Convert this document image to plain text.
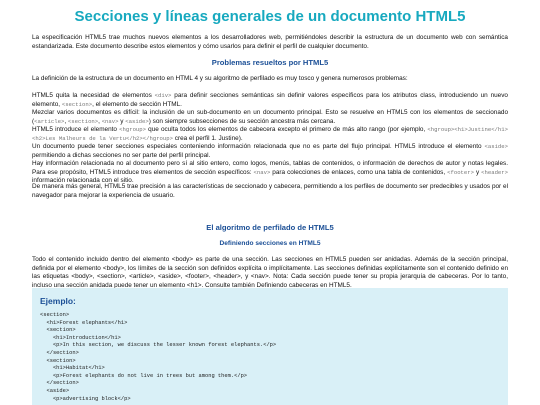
Secciones y líneas generales de un documento HTML5
La especificación HTML5 trae muchos nuevos elementos a los desarrolladores web, permitiéndoles describir la estructura de un documento web con semántica estandarizada. Este documento describe estos elementos y cómo usarlos para definir el perfil de cualquier documento.
Problemas resueltos por HTML5
La definición de la estructura de un documento en HTML 4 y su algoritmo de perfilado es muy tosco y genera numerosos problemas:
HTML5 quita la necesidad de elementos <div> para definir secciones semánticas sin definir valores específicos para los atributos class, introduciendo un nuevo elemento, <section>, el elemento de sección HTML.
Mezclar varios documentos es difícil: la inclusión de un sub-documento en un documento principal. Esto se resuelve en HTML5 con los elementos de seccionado (<article>, <section>, <nav> y <aside>) son siempre subsecciones de su sección ancestra más cercana.
HTML5 introduce el elemento <hgroup> que oculta todos los elementos de cabecera excepto el primero de más alto rango (por ejemplo, <hgroup><h1>Justine</h1><h2>Les Malheurs de la Vertu</h2></hgroup> crea el perfil 1. Justine).
Un documento puede tener secciones especiales conteniendo información relacionada que no es parte del flujo principal. HTML5 introduce el elemento <aside> permitiendo a dichas secciones no ser parte del perfil principal.
Hay información relacionada no al documento pero sí al sitio entero, como logos, menús, tablas de contenidos, o información de derechos de autor y notas legales. Para ese propósito, HTML5 introduce tres elementos de sección específicos: <nav> para colecciones de enlaces, como una tabla de contenidos, <footer> y <header> información relacionada con el sitio.
De manera más general, HTML5 trae precisión a las características de seccionado y cabecera, permitiendo a los perfiles de documento ser predecibles y usados por el navegador para mejorar la experiencia de usuario.
El algoritmo de perfilado de HTML5
Definiendo secciones en HTML5
Todo el contenido incluido dentro del elemento <body> es parte de una sección. Las secciones en HTML5 pueden ser anidadas. Además de la sección principal, definida por el elemento <body>, los límites de la sección son definidos explícita o implícitamente. Las secciones definidas explícitamente son el contenido definido en las etiquetas <body>, <section>, <article>, <aside>, <footer>, <header>, y <nav>. Nota: Cada sección puede tener su propia jerarquía de cabeceras. Por lo tanto, incluso una sección anidada puede tener un elemento <h1>. Consulte también Definiendo cabeceras en HTML5.
Ejemplo:
<section>
<h1>Forest elephants</h1>
<section>
<h1>Introduction</h1>
<p>In this section, we discuss the lesser known forest elephants.</p>
</section>
<section>
<h1>Habitat</h1>
<p>Forest elephants do not live in trees but among them.</p>
</section>
<aside>
<p>advertising block</p>
